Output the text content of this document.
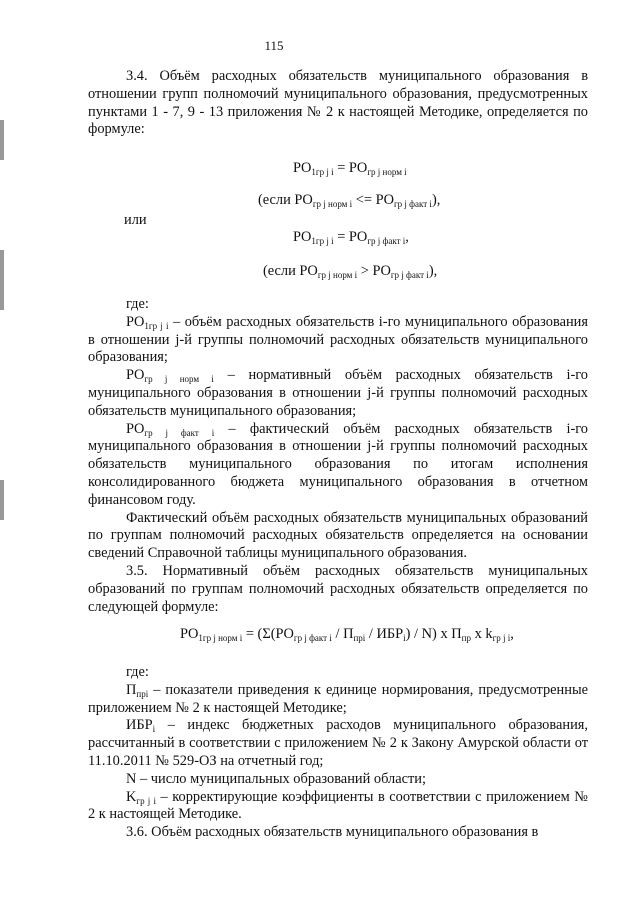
115

3.4. Объём расходных обязательств муниципального образования в отношении групп полномочий муниципального образования, предусмотренных пунктами 1 - 7, 9 - 13 приложения № 2 к настоящей Методике, определяется по формуле:

$PO_{1гр j i} = PO_{гр j норм i}$
(если $PO_{гр j норм i} <= PO_{гр j факт i}$),
или
$PO_{1гр j i} = PO_{гр j факт i}$,
(если $PO_{гр j норм i} > PO_{гр j факт i}$),

где:

$PO_{1гр j i}$ – объём расходных обязательств i-го муниципального образования в отношении j-й группы полномочий расходных обязательств муниципального образования;

$PO_{гр j норм i}$ – нормативный объём расходных обязательств i-го муниципального образования в отношении j-й группы полномочий расходных обязательств муниципального образования;

$PO_{гр j факт i}$ – фактический объём расходных обязательств i-го муниципального образования в отношении j-й группы полномочий расходных обязательств муниципального образования по итогам исполнения консолидированного бюджета муниципального образования в отчетном финансовом году.

Фактический объём расходных обязательств муниципальных образований по группам полномочий расходных обязательств определяется на основании сведений Справочной таблицы муниципального образования.

3.5. Нормативный объём расходных обязательств муниципальных образований по группам полномочий расходных обязательств определяется по следующей формуле:

$PO_{1гр j норм i} = (\Sigma(PO_{гр j факт i} / П_{прi} / ИБР_i) / N)$ x $П_{пр}$ x $k_{гр j i}$,

где:

$П_{прi}$ – показатели приведения к единице нормирования, предусмотренные приложением № 2 к настоящей Методике;

$ИБР_i$ – индекс бюджетных расходов муниципального образования, рассчитанный в соответствии с приложением № 2 к Закону Амурской области от 11.10.2011 № 529-ОЗ на отчетный год;

N – число муниципальных образований области;

$K_{гр j i}$ – корректирующие коэффициенты в соответствии с приложением № 2 к настоящей Методике.

3.6. Объём расходных обязательств муниципального образования в
